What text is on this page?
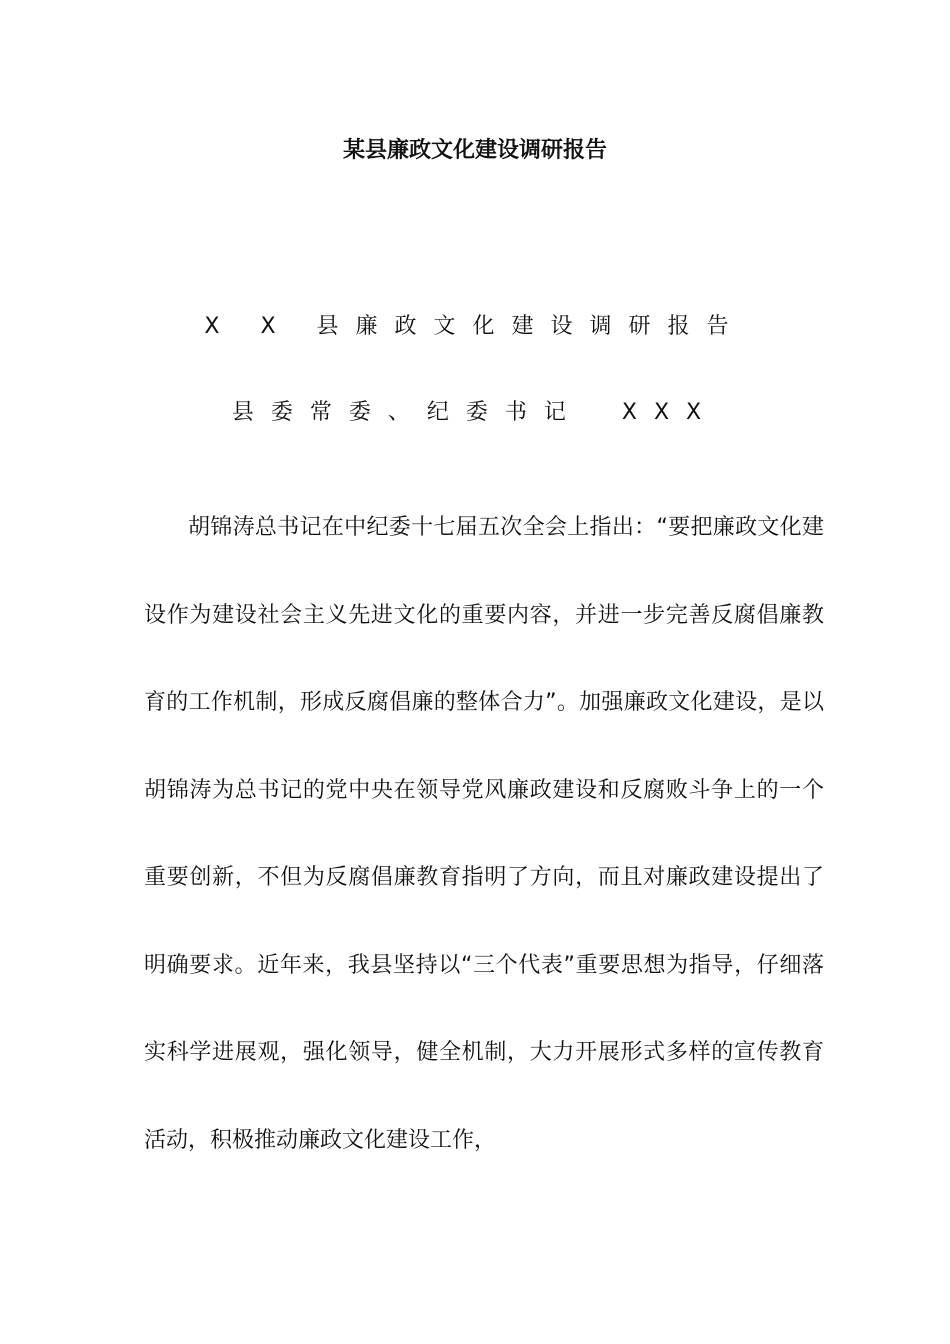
某县廉政文化建设调研报告
X X 县廉政文化建设调研报告
县委常委、纪委书记　XXX

胡锦涛总书记在中纪委十七届五次全会上指出：“要把廉政文化建设作为建设社会主义先进文化的重要内容，并进一步完善反腐倡廉教育的工作机制，形成反腐倡廉的整体合力”。加强廉政文化建设，是以胡锦涛为总书记的党中央在领导党风廉政建设和反腐败斗争上的一个重要创新，不但为反腐倡廉教育指明了方向，而且对廉政建设提出了明确要求。近年来，我县坚持以“三个代表”重要思想为指导，仔细落实科学进展观，强化领导，健全机制，大力开展形式多样的宣传教育活动，积极推动廉政文化建设工作，
